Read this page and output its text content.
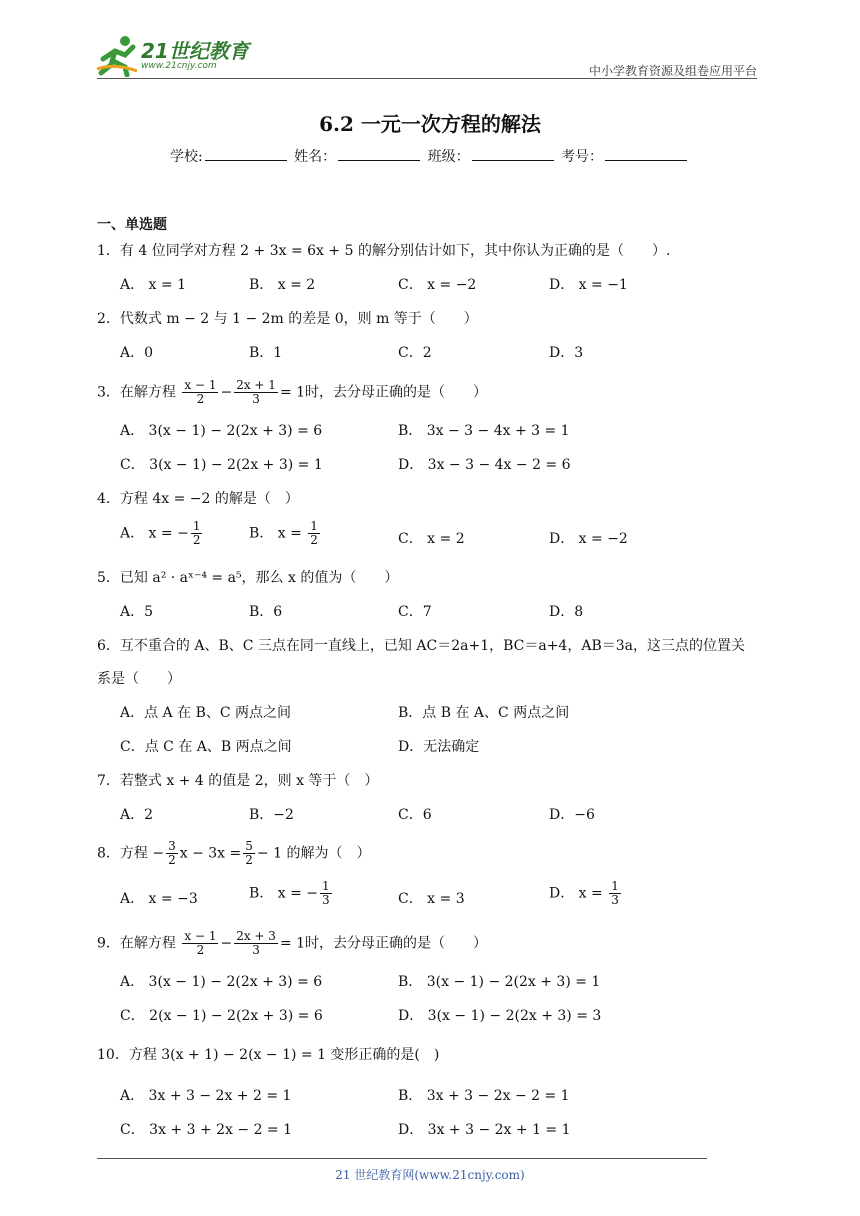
21世纪教育
www.21cnjy.com	中小学教育资源及组卷应用平台
6.2 一元一次方程的解法
学校:	姓名：	班级：	考号：
一、单选题
1．有 4 位同学对方程 2 + 3x = 6x + 5 的解分别估计如下，其中你认为正确的是（　　）.
A． x = 1	B． x = 2	C． x = −2	D． x = −1
2．代数式 m − 2 与 1 − 2m 的差是 0，则 m 等于（　　）
A．0	B．1	C．2	D．3
3．在解方程 $\frac{x - 1}{2} - \frac{2x + 1}{3} = 1$时，去分母正确的是（　　）
A． 3(x − 1) − 2(2x + 3) = 6	B． 3x − 3 − 4x + 3 = 1
C． 3(x − 1) − 2(2x + 3) = 1	D． 3x − 3 − 4x − 2 = 6
4．方程 4x = −2 的解是（　）
A． x = − $\frac{1}{2}$	B． $x = \frac{1}{2}$	C． x = 2	D． x = −2
5．已知 a² · aˣ⁻⁴ = a⁵，那么 x 的值为（　　）
A．5	B．6	C．7	D．8
6．互不重合的 A、B、C 三点在同一直线上，已知 AC＝2a+1，BC＝a+4，AB＝3a，这三点的位置关
系是（　　）
A．点 A 在 B、C 两点之间	B．点 B 在 A、C 两点之间
C．点 C 在 A、B 两点之间	D．无法确定
7．若整式 x + 4 的值是 2，则 x 等于（　）
A．2	B．−2	C．6	D．−6
8．方程 − $\frac{3}{2}$ $x - 3x = \frac{5}{2} - 1$ 的解为（　）
A． x = −3	B． x = − $\frac{1}{3}$	C． x = 3	D． $x = \frac{1}{3}$
9．在解方程 $\frac{x - 1}{2} - \frac{2x + 3}{3} = 1$时，去分母正确的是（　　）
A． 3(x − 1) − 2(2x + 3) = 6	B． 3(x − 1) − 2(2x + 3) = 1
C． 2(x − 1) − 2(2x + 3) = 6	D． 3(x − 1) − 2(2x + 3) = 3
10．方程 3(x + 1) − 2(x − 1) = 1 变形正确的是(　)
A． 3x + 3 − 2x + 2 = 1	B． 3x + 3 − 2x − 2 = 1
C． 3x + 3 + 2x − 2 = 1	D． 3x + 3 − 2x + 1 = 1
21 世纪教育网(www.21cnjy.com)
